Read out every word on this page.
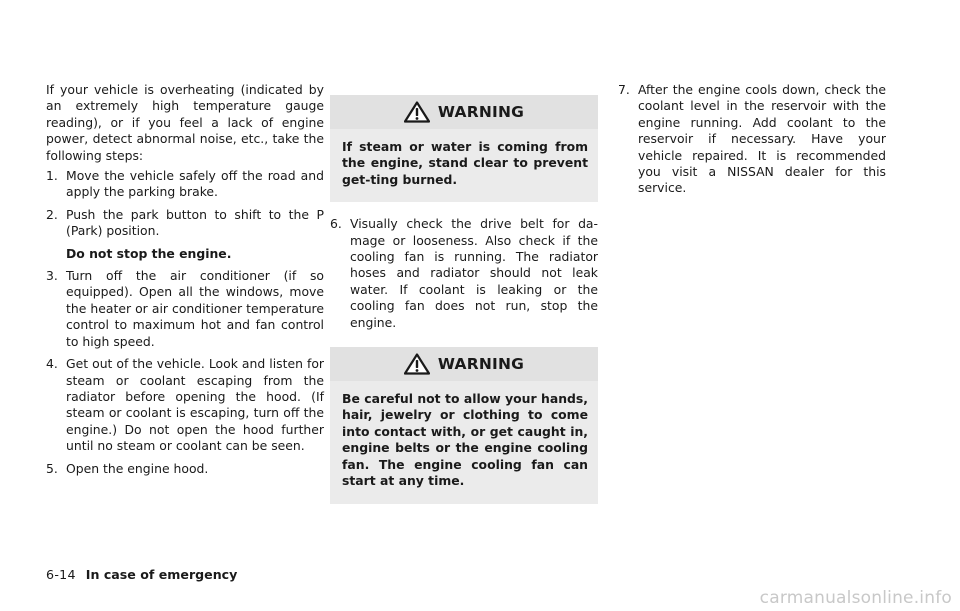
If your vehicle is overheating (indicated by an extremely high temperature gauge reading), or if you feel a lack of engine power, detect abnormal noise, etc., take the following steps:

1. Move the vehicle safely off the road and apply the parking brake.
2. Push the park button to shift to the P (Park) position.
Do not stop the engine.
3. Turn off the air conditioner (if so equipped). Open all the windows, move the heater or air conditioner temperature control to maximum hot and fan control to high speed.
4. Get out of the vehicle. Look and listen for steam or coolant escaping from the radiator before opening the hood. (If steam or coolant is escaping, turn off the engine.) Do not open the hood further until no steam or coolant can be seen.
5. Open the engine hood.
WARNING
If steam or water is coming from the engine, stand clear to prevent get-ting burned.
6. Visually check the drive belt for da-mage or looseness. Also check if the cooling fan is running. The radiator hoses and radiator should not leak water. If coolant is leaking or the cooling fan does not run, stop the engine.
WARNING
Be careful not to allow your hands, hair, jewelry or clothing to come into contact with, or get caught in, engine belts or the engine cooling fan. The engine cooling fan can start at any time.
7. After the engine cools down, check the coolant level in the reservoir with the engine running. Add coolant to the reservoir if necessary. Have your vehicle repaired. It is recommended you visit a NISSAN dealer for this service.
6-14 In case of emergency
carmanualsonline.info
